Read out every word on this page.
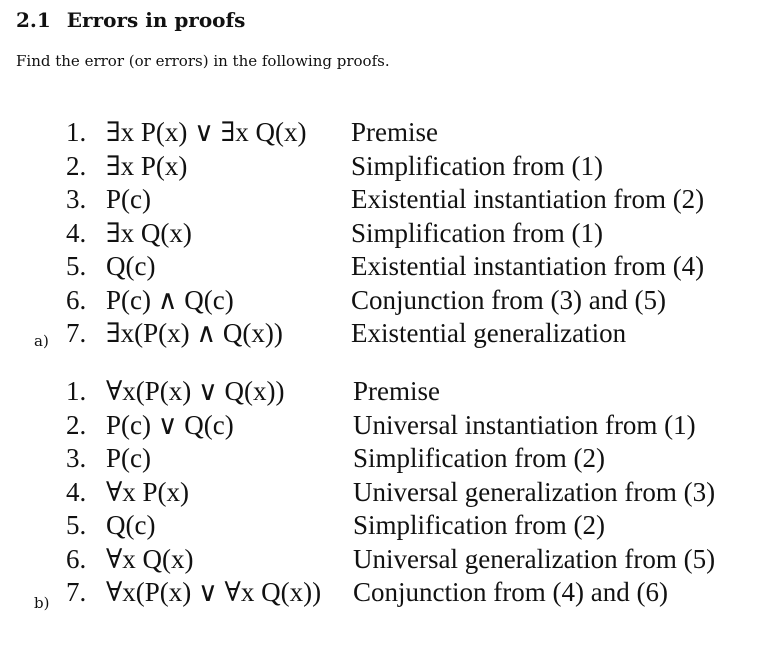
2.1 Errors in proofs

Find the error (or errors) in the following proofs.

1. ∃x P(x) ∨ ∃x Q(x) Premise
2. ∃x P(x)	Simplification from (1)
3. P(c)	Existential instantiation from (2)
4. ∃x Q(x)	Simplification from (1)
5. Q(c)	Existential instantiation from (4)
6. P(c) ∧ Q(c)	Conjunction from (3) and (5)
7. ∃x(P(x) ∧ Q(x))	Existential generalization
a)
1. ∀x(P(x) ∨ Q(x))	Premise
2. P(c) ∨ Q(c)	Universal instantiation from (1)
3. P(c)	Simplification from (2)
4. ∀x P(x)	Universal generalization from (3)
5. Q(c)	Simplification from (2)
6. ∀x Q(x)	Universal generalization from (5)
7. ∀x(P(x) ∨ ∀x Q(x)) Conjunction from (4) and (6)
b)
